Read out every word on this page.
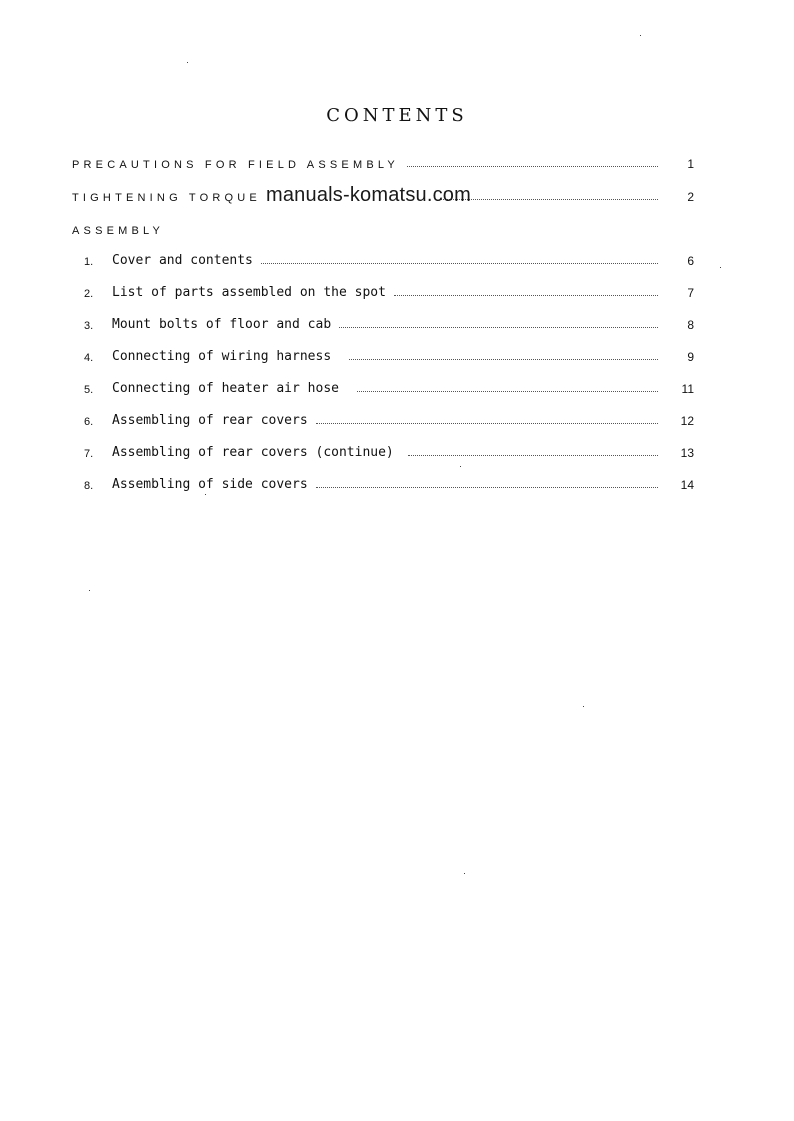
CONTENTS
PRECAUTIONS FOR FIELD ASSEMBLY	1
TIGHTENING TORQUE	2
manuals-komatsu.com
ASSEMBLY
1.	Cover and contents	6
2.	List of parts assembled on the spot	7
3.	Mount bolts of floor and cab	8
4.	Connecting of wiring harness	9
5.	Connecting of heater air hose	11
6.	Assembling of rear covers	12
7.	Assembling of rear covers (continue)	13
8.	Assembling of side covers	14
